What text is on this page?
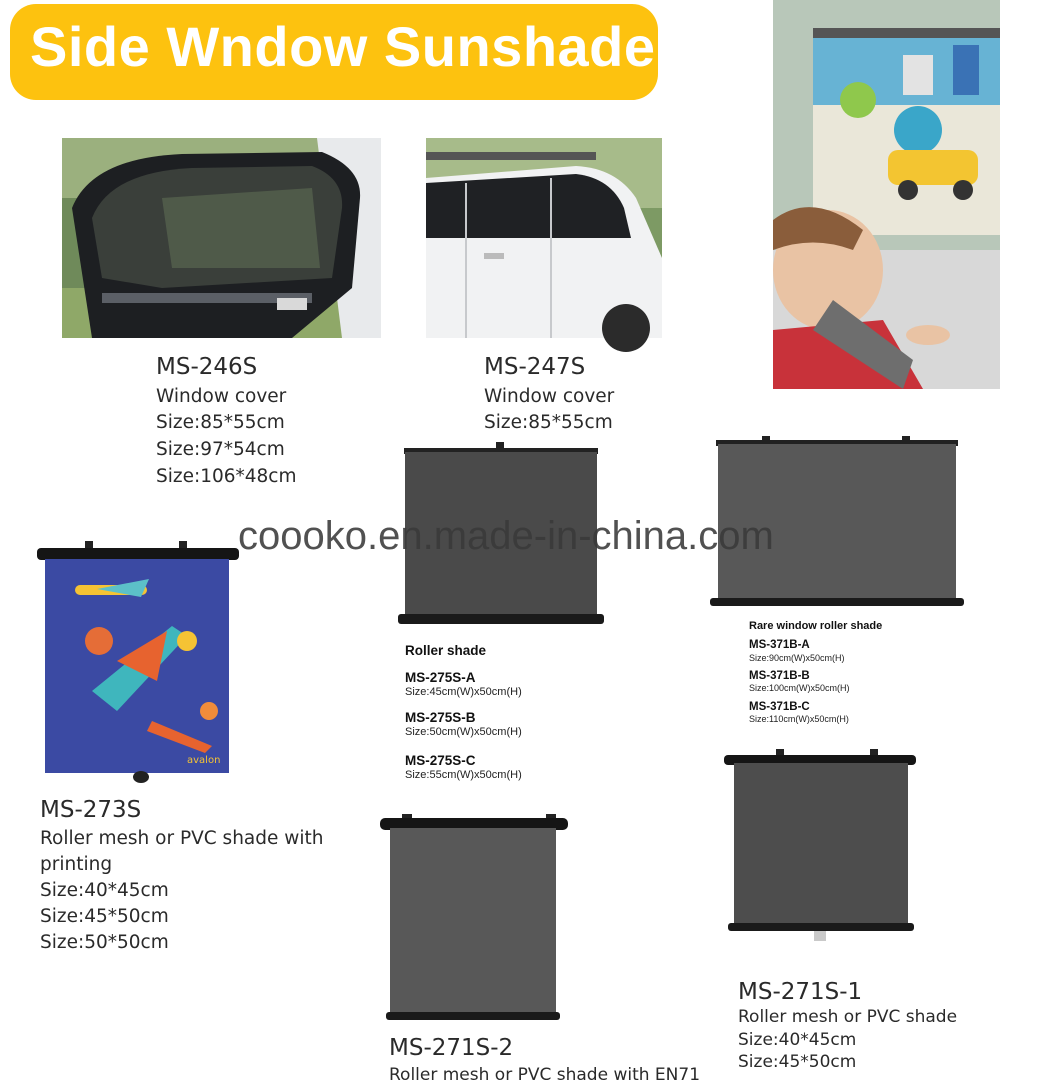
Side Wndow Sunshade
MS-246S
Window cover
Size:85*55cm
Size:97*54cm
Size:106*48cm
MS-247S
Window cover
Size:85*55cm
avalon
coooko.en.made-in-china.com
Roller shade
MS-275S-A
Size:45cm(W)x50cm(H)
MS-275S-B
Size:50cm(W)x50cm(H)
MS-275S-C
Size:55cm(W)x50cm(H)
Rare window roller shade
MS-371B-A
Size:90cm(W)x50cm(H)
MS-371B-B
Size:100cm(W)x50cm(H)
MS-371B-C
Size:110cm(W)x50cm(H)
MS-273S
Roller mesh or PVC shade with
printing
Size:40*45cm
Size:45*50cm
Size:50*50cm
MS-271S-1
Roller mesh or PVC shade
Size:40*45cm
Size:45*50cm
MS-271S-2
Roller mesh or PVC shade with EN71
